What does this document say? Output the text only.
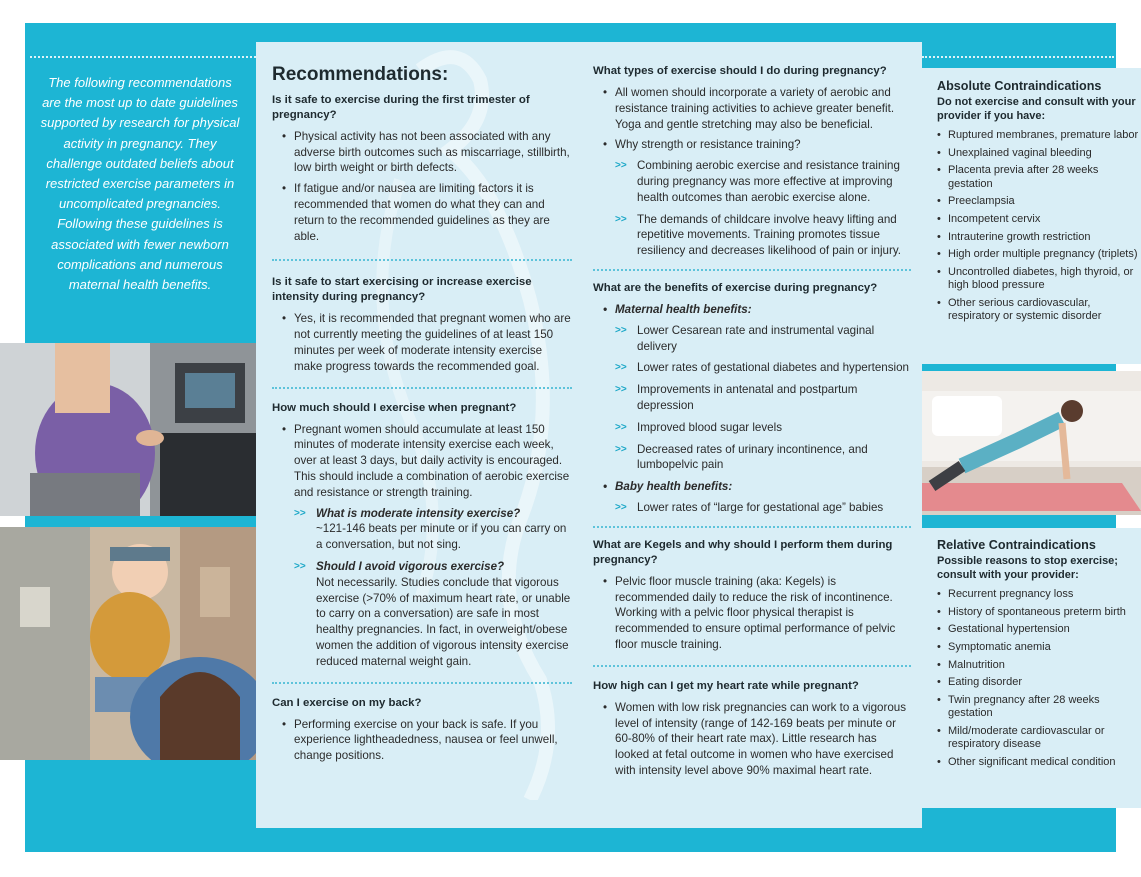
The following recommendations are the most up to date guidelines supported by research for physical activity in pregnancy. They challenge outdated beliefs about restricted exercise parameters in uncomplicated pregnancies. Following these guidelines is associated with fewer newborn complications and numerous maternal health benefits.
Recommendations:
Is it safe to exercise during the first trimester of pregnancy?
• Physical activity has not been associated with any adverse birth outcomes such as miscarriage, stillbirth, low birth weight or birth defects.
• If fatigue and/or nausea are limiting factors it is recommended that women do what they can and return to the recommended guidelines as they are able.
Is it safe to start exercising or increase exercise intensity during pregnancy?
• Yes, it is recommended that pregnant women who are not currently meeting the guidelines of at least 150 minutes per week of moderate intensity exercise make progress towards the recommended goal.
How much should I exercise when pregnant?
• Pregnant women should accumulate at least 150 minutes of moderate intensity exercise each week, over at least 3 days, but daily activity is encouraged. This should include a combination of aerobic exercise and resistance or strength training.
>> What is moderate intensity exercise?
~121-146 beats per minute or if you can carry on a conversation, but not sing.
>> Should I avoid vigorous exercise?
Not necessarily. Studies conclude that vigorous exercise (>70% of maximum heart rate, or unable to carry on a conversation) are safe in most healthy pregnancies. In fact, in overweight/obese women the addition of vigorous intensity exercise reduced maternal weight gain.
Can I exercise on my back?
• Performing exercise on your back is safe. If you experience lightheadedness, nausea or feel unwell, change positions.
What types of exercise should I do during pregnancy?
• All women should incorporate a variety of aerobic and resistance training activities to achieve greater benefit. Yoga and gentle stretching may also be beneficial.
• Why strength or resistance training?
>> Combining aerobic exercise and resistance training during pregnancy was more effective at improving health outcomes than aerobic exercise alone.
>> The demands of childcare involve heavy lifting and repetitive movements. Training promotes tissue resiliency and decreases likelihood of pain or injury.
What are the benefits of exercise during pregnancy?
• Maternal health benefits:
>> Lower Cesarean rate and instrumental vaginal delivery
>> Lower rates of gestational diabetes and hypertension
>> Improvements in antenatal and postpartum depression
>> Improved blood sugar levels
>> Decreased rates of urinary incontinence, and lumbopelvic pain
• Baby health benefits:
>> Lower rates of “large for gestational age” babies
What are Kegels and why should I perform them during pregnancy?
• Pelvic floor muscle training (aka: Kegels) is recommended daily to reduce the risk of incontinence. Working with a pelvic floor physical therapist is recommended to ensure optimal performance of pelvic floor muscle training.
How high can I get my heart rate while pregnant?
• Women with low risk pregnancies can work to a vigorous level of intensity (range of 142-169 beats per minute or 60-80% of their heart rate max). Little research has looked at fetal outcome in women who have exercised with intensity level above 90% maximal heart rate.
Absolute Contraindications
Do not exercise and consult with your provider if you have:
• Ruptured membranes, premature labor
• Unexplained vaginal bleeding
• Placenta previa after 28 weeks gestation
• Preeclampsia
• Incompetent cervix
• Intrauterine growth restriction
• High order multiple pregnancy (triplets)
• Uncontrolled diabetes, high thyroid, or high blood pressure
• Other serious cardiovascular, respiratory or systemic disorder
Relative Contraindications
Possible reasons to stop exercise; consult with your provider:
• Recurrent pregnancy loss
• History of spontaneous preterm birth
• Gestational hypertension
• Symptomatic anemia
• Malnutrition
• Eating disorder
• Twin pregnancy after 28 weeks gestation
• Mild/moderate cardiovascular or respiratory disease
• Other significant medical condition
